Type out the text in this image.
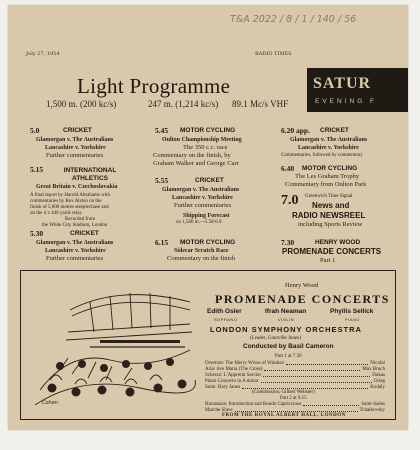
T&A 2022 / 8 / 1 / 140 / 56
July 27, 1954	RADIO TIMES
Light Programme
1,500 m. (200 kc/s)	247 m. (1,214 kc/s) 89.1 Mc/s VHF
SATUR
EVENING F
5.0	CRICKET
Glamorgan v. The Australians
Lancashire v. Yorkshire
Further commentaries
5.15	INTERNATIONAL ATHLETICS
Great Britain v. Czechoslovakia
A final report by Harold Abrahams with
commentaries by Rex Alston on the
finish of 5,000 metres steeplechase and
on the 4 x 440 yards relay
Recorded from
the White City Stadium, London
5.30	CRICKET
Glamorgan v. The Australians
Lancashire v. Yorkshire
Further commentaries
5.45 MOTOR CYCLING
Oulton Championship Meeting
The 350 c.c. race
Commentary on the finish, by
Graham Walker and George Carr
5.55	CRICKET
Glamorgan v. The Australians
Lancashire v. Yorkshire
Further commentaries
Shipping Forecast
on 1,500 m.—5.58-6.0
6.15 MOTOR CYCLING
Sidecar Scratch Race
Commentary on the finish
6.20 app. CRICKET
Glamorgan v. The Australians
Lancashire v. Yorkshire
Commentaries, followed by commentary
6.40 MOTOR CYCLING
The Les Graham Trophy
Commentary from Oulton Park
7.0 Greenwich Time Signal
News and
RADIO NEWSREEL
including Sports Review
7.30	HENRY WOOD
PROMENADE CONCERTS
Part 1
Cohen
Henry Wood
PROMENADE CONCERTS
Edith Osler
SOPRANO
Ifrah Neaman
VIOLIN
Phyllis Sellick
PIANO
LONDON SYMPHONY ORCHESTRA
(Leader, Granville Jones)
Conducted by Basil Cameron
Part 1 at 7.30
Overture: The Merry Wives of Windsor	Nicolai
Aria: Ave Maria (The Cross)	Max Bruch
Scherzo: L'Apprenti Sorcier	Dukas
Piano Concerto in A minor	Grieg
Suite: Hary Janos	Kodály
(Commission, Gilbert Webster)
Part 2 at 9.15
Havanaise; Introduction and Rondo Capriccioso	Saint-Saëns
Marche Slave	Tchaikovsky
FROM THE ROYAL ALBERT HALL, LONDON
